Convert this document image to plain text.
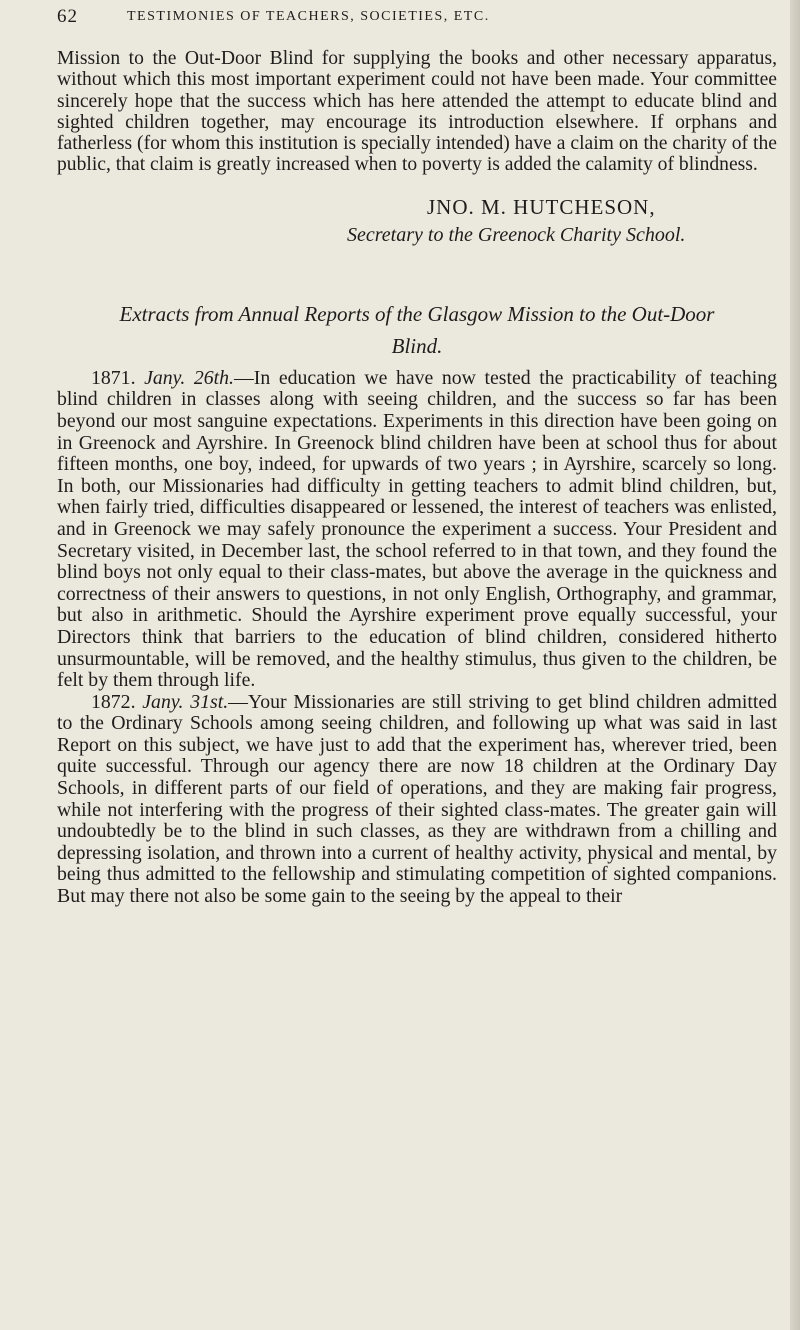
62	TESTIMONIES OF TEACHERS, SOCIETIES, ETC.

Mission to the Out-Door Blind for supplying the books and other necessary apparatus, without which this most important experiment could not have been made. Your committee sincerely hope that the success which has here attended the attempt to educate blind and sighted children together, may encourage its introduction elsewhere. If orphans and fatherless (for whom this institution is specially intended) have a claim on the charity of the public, that claim is greatly increased when to poverty is added the calamity of blindness.

JNO. M. HUTCHESON,

Secretary to the Greenock Charity School.

Extracts from Annual Reports of the Glasgow Mission to the Out-Door
Blind.

1871. Jany. 26th.—In education we have now tested the practicability of teaching blind children in classes along with seeing children, and the success so far has been beyond our most sanguine expectations. Experiments in this direction have been going on in Greenock and Ayrshire. In Greenock blind children have been at school thus for about fifteen months, one boy, indeed, for upwards of two years ; in Ayrshire, scarcely so long. In both, our Missionaries had difficulty in getting teachers to admit blind children, but, when fairly tried, difficulties disappeared or lessened, the interest of teachers was enlisted, and in Greenock we may safely pronounce the experiment a success. Your President and Secretary visited, in December last, the school referred to in that town, and they found the blind boys not only equal to their class-mates, but above the average in the quickness and correctness of their answers to questions, in not only English, Orthography, and grammar, but also in arithmetic. Should the Ayrshire experiment prove equally successful, your Directors think that barriers to the education of blind children, considered hitherto unsurmountable, will be removed, and the healthy stimulus, thus given to the children, be felt by them through life.

1872. Jany. 31st.—Your Missionaries are still striving to get blind children admitted to the Ordinary Schools among seeing children, and following up what was said in last Report on this subject, we have just to add that the experiment has, wherever tried, been quite successful. Through our agency there are now 18 children at the Ordinary Day Schools, in different parts of our field of operations, and they are making fair progress, while not interfering with the progress of their sighted class-mates. The greater gain will undoubtedly be to the blind in such classes, as they are withdrawn from a chilling and depressing isolation, and thrown into a current of healthy activity, physical and mental, by being thus admitted to the fellowship and stimulating competition of sighted companions. But may there not also be some gain to the seeing by the appeal to their
